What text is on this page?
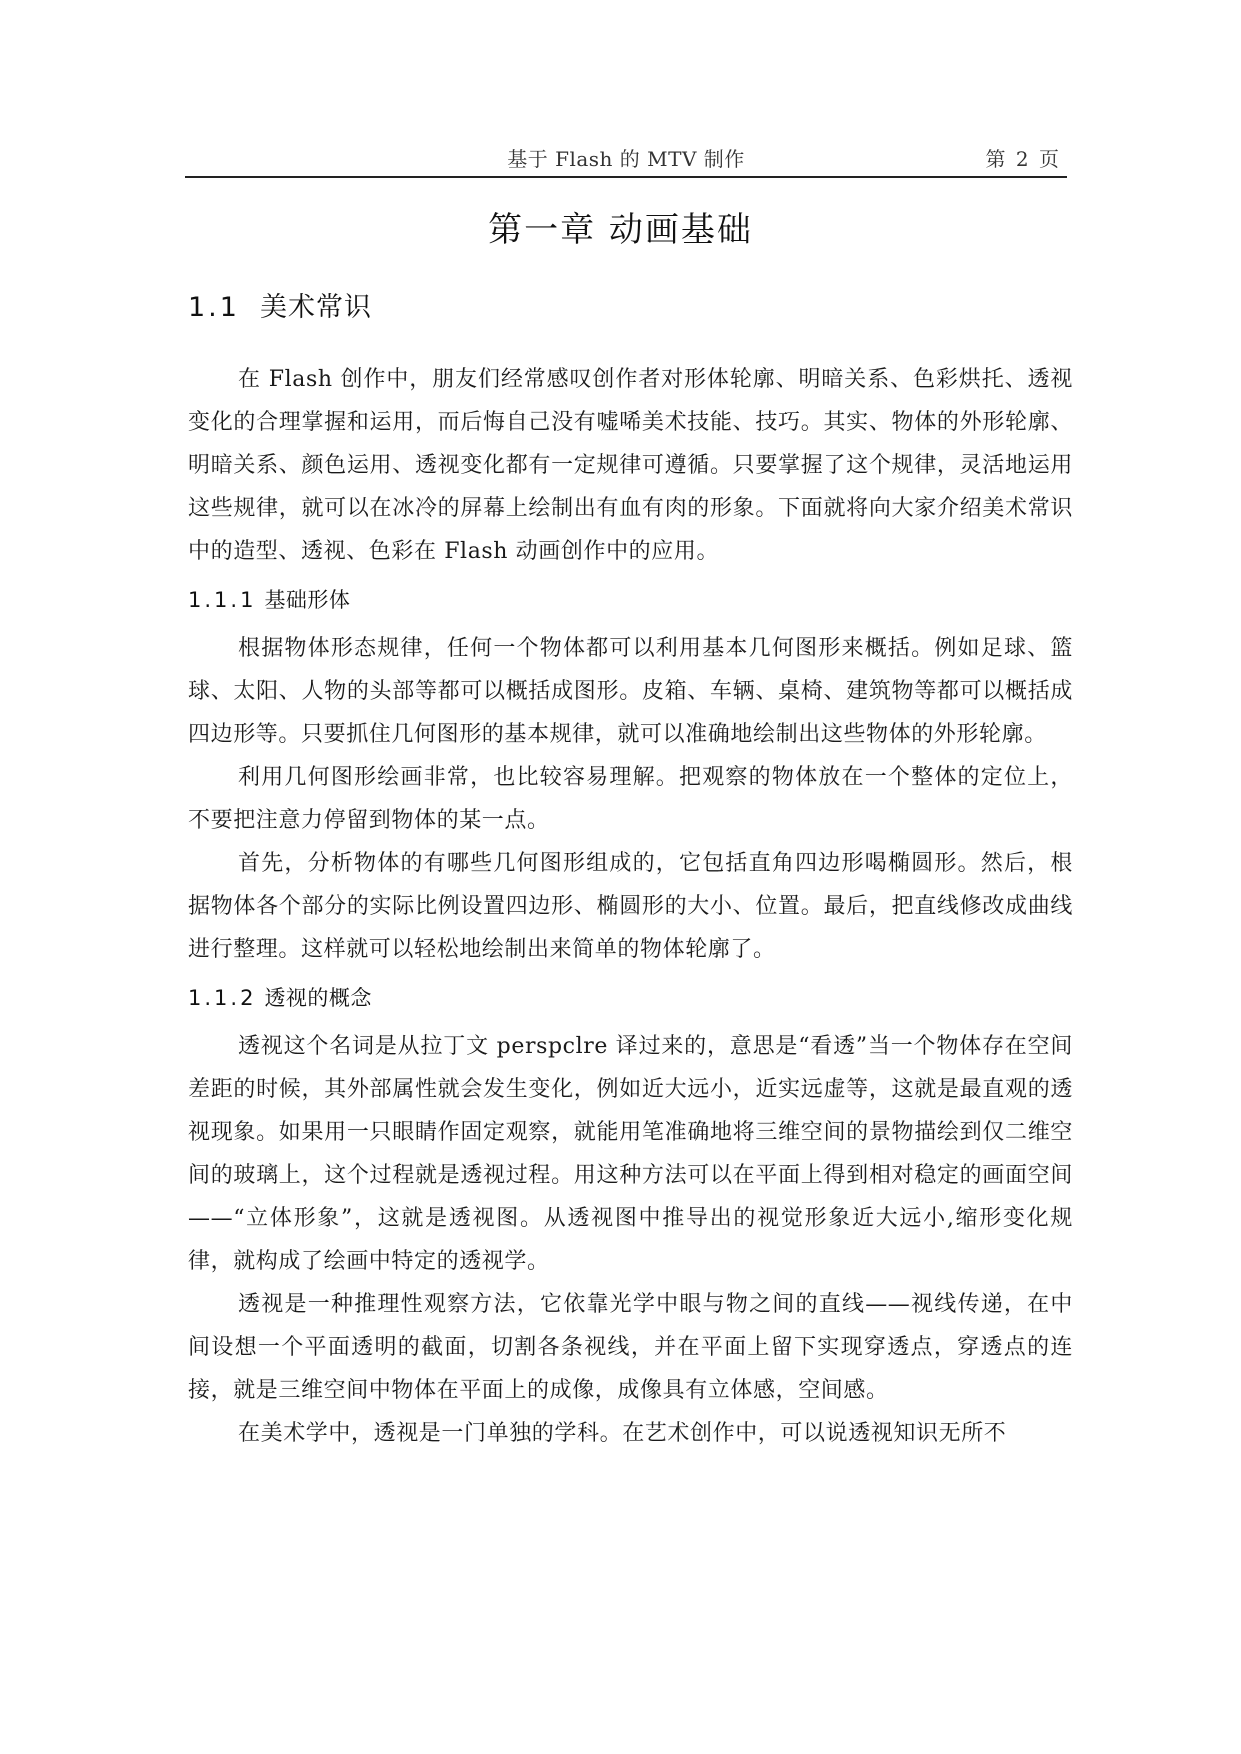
基于 Flash 的 MTV 制作	第 2 页
第一章 动画基础
1.1 美术常识

在 Flash 创作中，朋友们经常感叹创作者对形体轮廓、明暗关系、色彩烘托、透视变化的合理掌握和运用，而后悔自己没有嘘唏美术技能、技巧。其实、物体的外形轮廓、明暗关系、颜色运用、透视变化都有一定规律可遵循。只要掌握了这个规律，灵活地运用这些规律，就可以在冰冷的屏幕上绘制出有血有肉的形象。下面就将向大家介绍美术常识中的造型、透视、色彩在 Flash 动画创作中的应用。

1.1.1 基础形体

根据物体形态规律，任何一个物体都可以利用基本几何图形来概括。例如足球、篮球、太阳、人物的头部等都可以概括成图形。皮箱、车辆、桌椅、建筑物等都可以概括成四边形等。只要抓住几何图形的基本规律，就可以准确地绘制出这些物体的外形轮廓。

利用几何图形绘画非常，也比较容易理解。把观察的物体放在一个整体的定位上，不要把注意力停留到物体的某一点。

首先，分析物体的有哪些几何图形组成的，它包括直角四边形喝椭圆形。然后，根据物体各个部分的实际比例设置四边形、椭圆形的大小、位置。最后，把直线修改成曲线进行整理。这样就可以轻松地绘制出来简单的物体轮廓了。

1.1.2 透视的概念

透视这个名词是从拉丁文 perspclre 译过来的，意思是“看透”当一个物体存在空间差距的时候，其外部属性就会发生变化，例如近大远小，近实远虚等，这就是最直观的透视现象。如果用一只眼睛作固定观察，就能用笔准确地将三维空间的景物描绘到仅二维空间的玻璃上，这个过程就是透视过程。用这种方法可以在平面上得到相对稳定的画面空间——“立体形象”，这就是透视图。从透视图中推导出的视觉形象近大远小,缩形变化规律，就构成了绘画中特定的透视学。

透视是一种推理性观察方法，它依靠光学中眼与物之间的直线——视线传递，在中间设想一个平面透明的截面，切割各条视线，并在平面上留下实现穿透点，穿透点的连接，就是三维空间中物体在平面上的成像，成像具有立体感，空间感。

在美术学中，透视是一门单独的学科。在艺术创作中，可以说透视知识无所不
